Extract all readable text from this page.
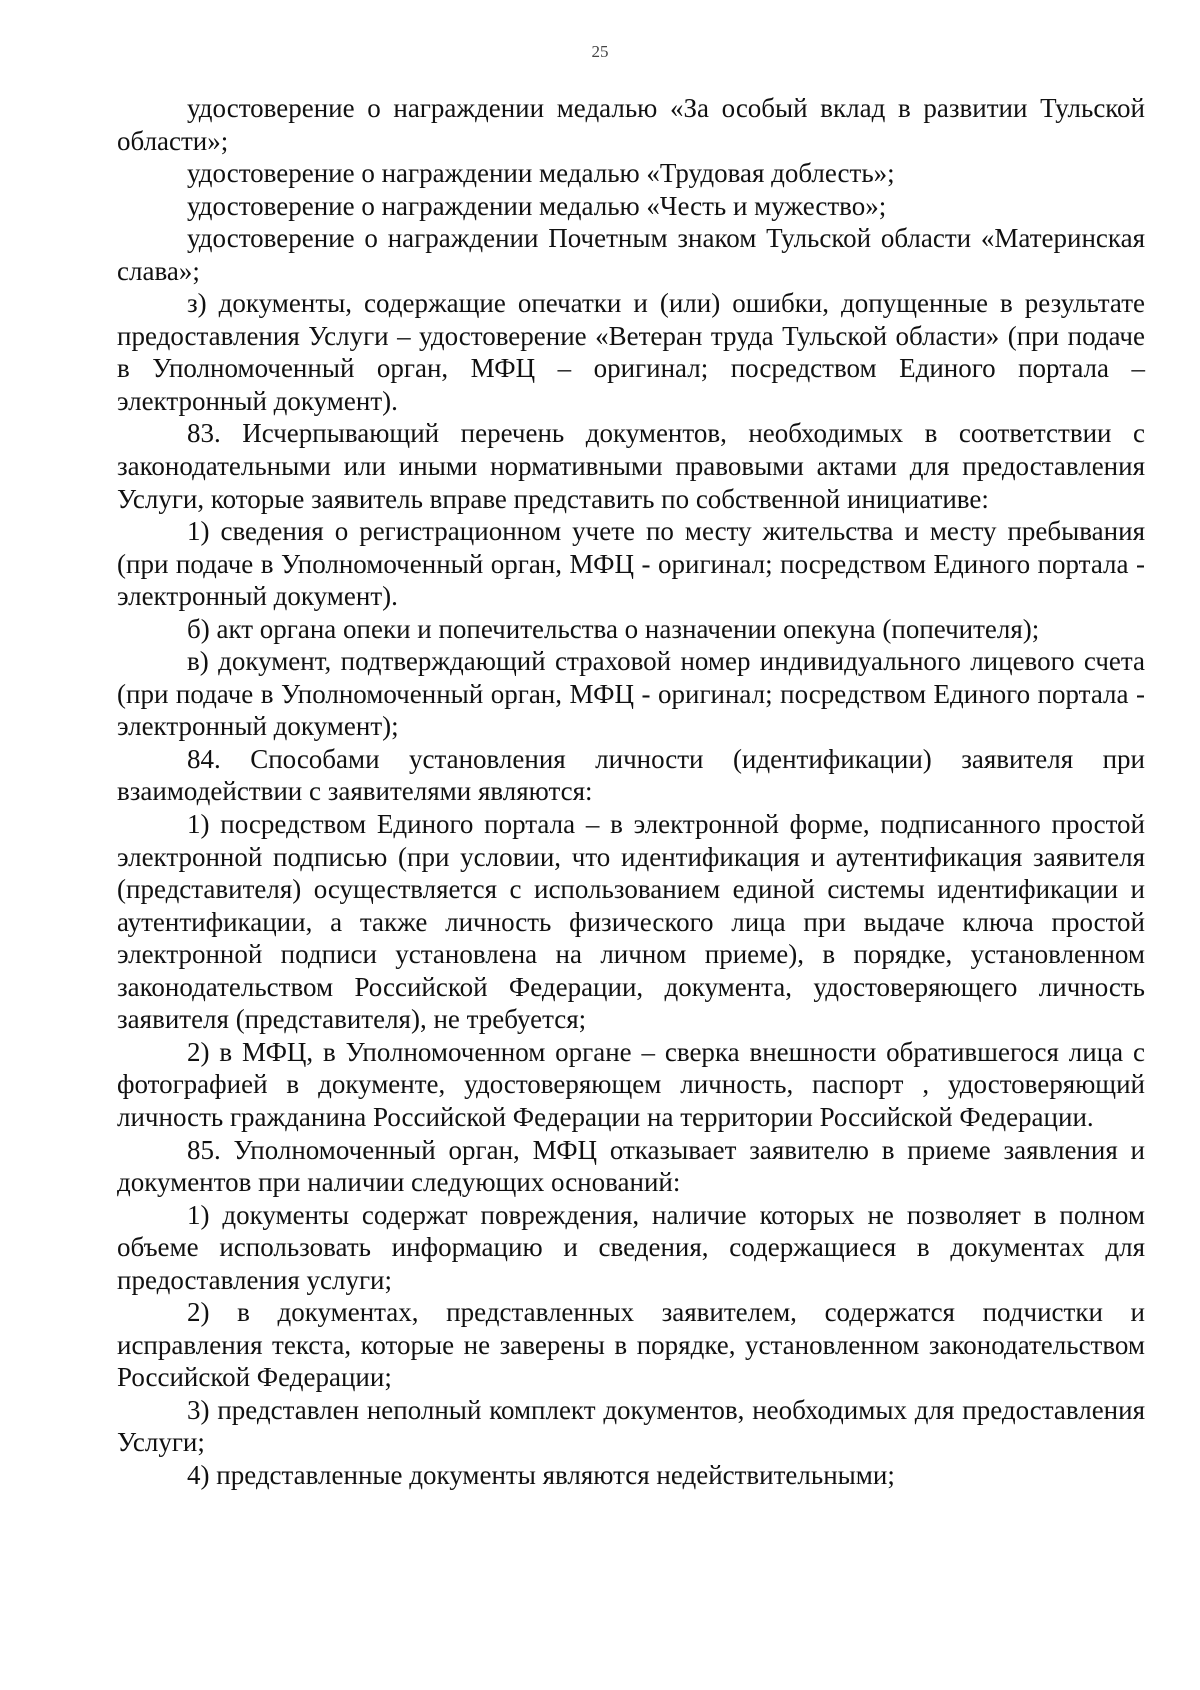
25

удостоверение о награждении медалью «За особый вклад в развитии Тульской области»;

удостоверение о награждении медалью «Трудовая доблесть»;

удостоверение о награждении медалью «Честь и мужество»;

удостоверение о награждении Почетным знаком Тульской области «Материнская слава»;

з) документы, содержащие опечатки и (или) ошибки, допущенные в результате предоставления Услуги – удостоверение «Ветеран труда Тульской области» (при подаче в Уполномоченный орган, МФЦ – оригинал; посредством Единого портала – электронный документ).

83. Исчерпывающий перечень документов, необходимых в соответствии с законодательными или иными нормативными правовыми актами для предоставления Услуги, которые заявитель вправе представить по собственной инициативе:

1) сведения о регистрационном учете по месту жительства и месту пребывания (при подаче в Уполномоченный орган, МФЦ - оригинал; посредством Единого портала - электронный документ).

б) акт органа опеки и попечительства о назначении опекуна (попечителя);

в) документ, подтверждающий страховой номер индивидуального лицевого счета (при подаче в Уполномоченный орган, МФЦ - оригинал; посредством Единого портала - электронный документ);

84. Способами установления личности (идентификации) заявителя при взаимодействии с заявителями являются:

1) посредством Единого портала – в электронной форме, подписанного простой электронной подписью (при условии, что идентификация и аутентификация заявителя (представителя) осуществляется с использованием единой системы идентификации и аутентификации, а также личность физического лица при выдаче ключа простой электронной подписи установлена на личном приеме), в порядке, установленном законодательством Российской Федерации, документа, удостоверяющего личность заявителя (представителя), не требуется;

2) в МФЦ, в Уполномоченном органе – сверка внешности обратившегося лица с фотографией в документе, удостоверяющем личность, паспорт , удостоверяющий личность гражданина Российской Федерации на территории Российской Федерации.

85. Уполномоченный орган, МФЦ отказывает заявителю в приеме заявления и документов при наличии следующих оснований:

1) документы содержат повреждения, наличие которых не позволяет в полном объеме использовать информацию и сведения, содержащиеся в документах для предоставления услуги;

2) в документах, представленных заявителем, содержатся подчистки и исправления текста, которые не заверены в порядке, установленном законодательством Российской Федерации;

3) представлен неполный комплект документов, необходимых для предоставления Услуги;

4) представленные документы являются недействительными;
